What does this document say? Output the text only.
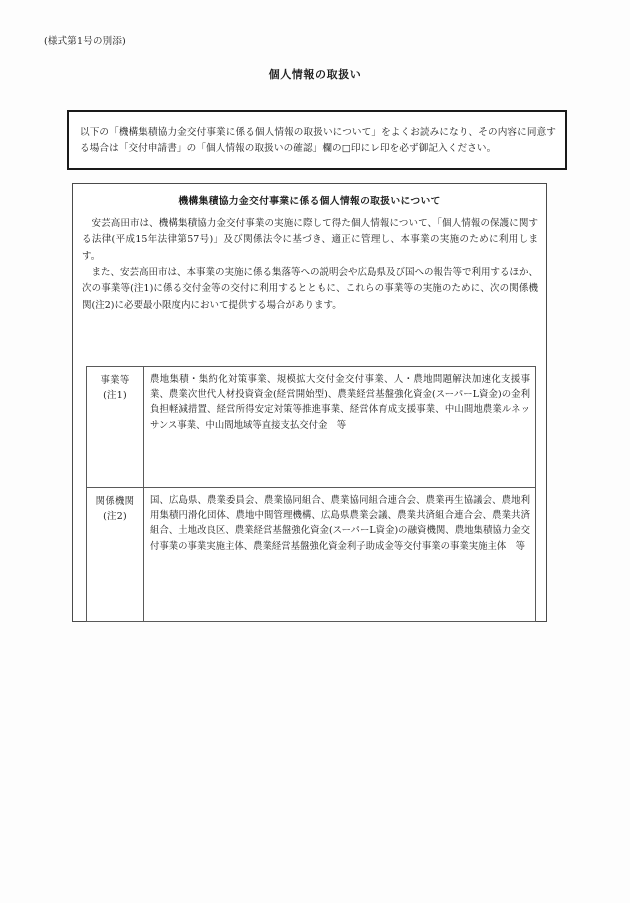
(様式第1号の別添)
個人情報の取扱い
以下の「機構集積協力金交付事業に係る個人情報の取扱いについて」をよくお読みになり、その内容に同意する場合は「交付申請書」の「個人情報の取扱いの確認」欄の□印にレ印を必ず御記入ください。
機構集積協力金交付事業に係る個人情報の取扱いについて

安芸高田市は、機構集積協力金交付事業の実施に際して得た個人情報について、「個人情報の保護に関する法律(平成15年法律第57号)」及び関係法令に基づき、適正に管理し、本事業の実施のために利用します。

また、安芸高田市は、本事業の実施に係る集落等への説明会や広島県及び国への報告等で利用するほか、次の事業等(注1)に係る交付金等の交付に利用するとともに、これらの事業等の実施のために、次の関係機関(注2)に必要最小限度内において提供する場合があります。

事業等
(注1)	農地集積・集約化対策事業、規模拡大交付金交付事業、人・農地問題解決加速化支援事業、農業次世代人材投資資金(経営開始型)、農業経営基盤強化資金(スーパーL資金)の金利負担軽減措置、経営所得安定対策等推進事業、経営体育成支援事業、中山間地農業ルネッサンス事業、中山間地域等直接支払交付金　等

関係機関
(注2)	国、広島県、農業委員会、農業協同組合、農業協同組合連合会、農業再生協議会、農地利用集積円滑化団体、農地中間管理機構、広島県農業会議、農業共済組合連合会、農業共済組合、土地改良区、農業経営基盤強化資金(スーパーL資金)の融資機関、農地集積協力金交付事業の事業実施主体、農業経営基盤強化資金利子助成金等交付事業の事業実施主体　等
